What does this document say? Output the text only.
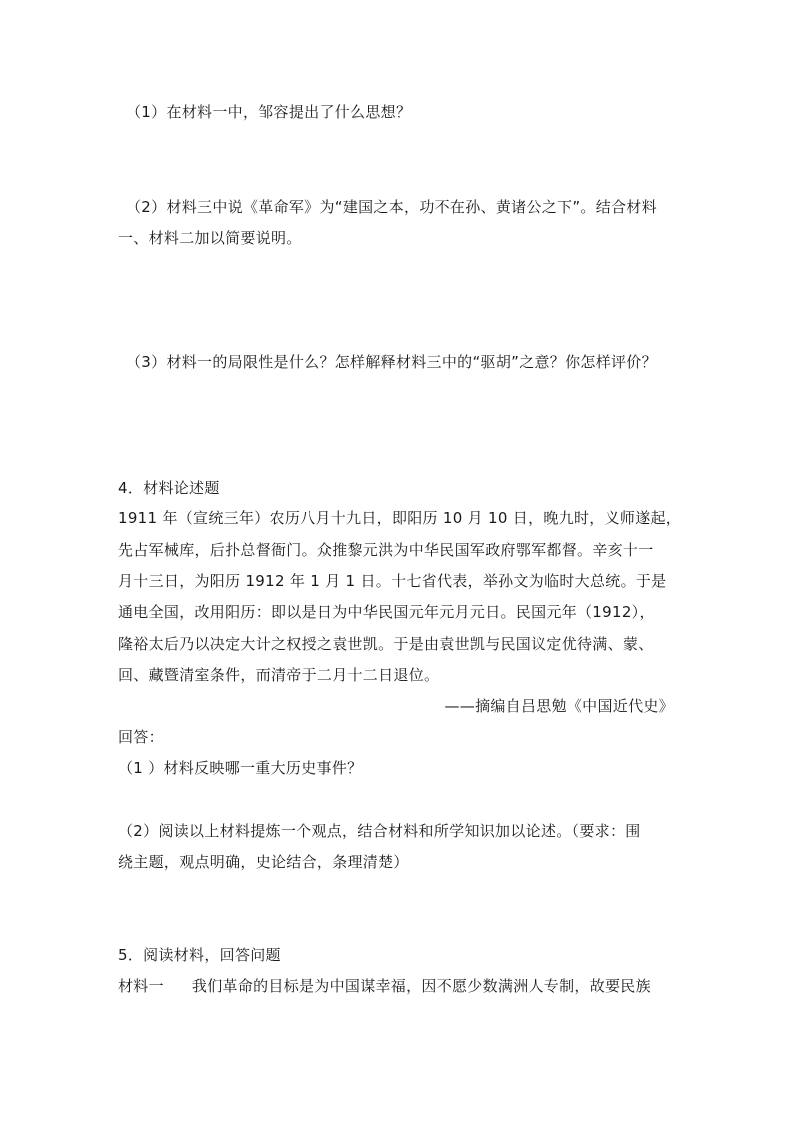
（1）在材料一中，邹容提出了什么思想？
（2）材料三中说《革命军》为“建国之本，功不在孙、黄诸公之下”。结合材料
一、材料二加以简要说明。
（3）材料一的局限性是什么？怎样解释材料三中的“驱胡”之意？你怎样评价？
4．材料论述题
1911 年（宣统三年）农历八月十九日，即阳历 10 月 10 日，晚九时，义师遂起，
先占军械库，后扑总督衙门。众推黎元洪为中华民国军政府鄂军都督。辛亥十一
月十三日，为阳历 1912 年 1 月 1 日。十七省代表，举孙文为临时大总统。于是
通电全国，改用阳历：即以是日为中华民国元年元月元日。民国元年（1912），
隆裕太后乃以决定大计之权授之袁世凯。于是由袁世凯与民国议定优待满、蒙、
回、藏暨清室条件，而清帝于二月十二日退位。
——摘编自吕思勉《中国近代史》
回答：
（1 ）材料反映哪一重大历史事件？
（2）阅读以上材料提炼一个观点，结合材料和所学知识加以论述。（要求：围
绕主题，观点明确，史论结合，条理清楚）
5．阅读材料，回答问题
材料一 我们革命的目标是为中国谋幸福，因不愿少数满洲人专制，故要民族
